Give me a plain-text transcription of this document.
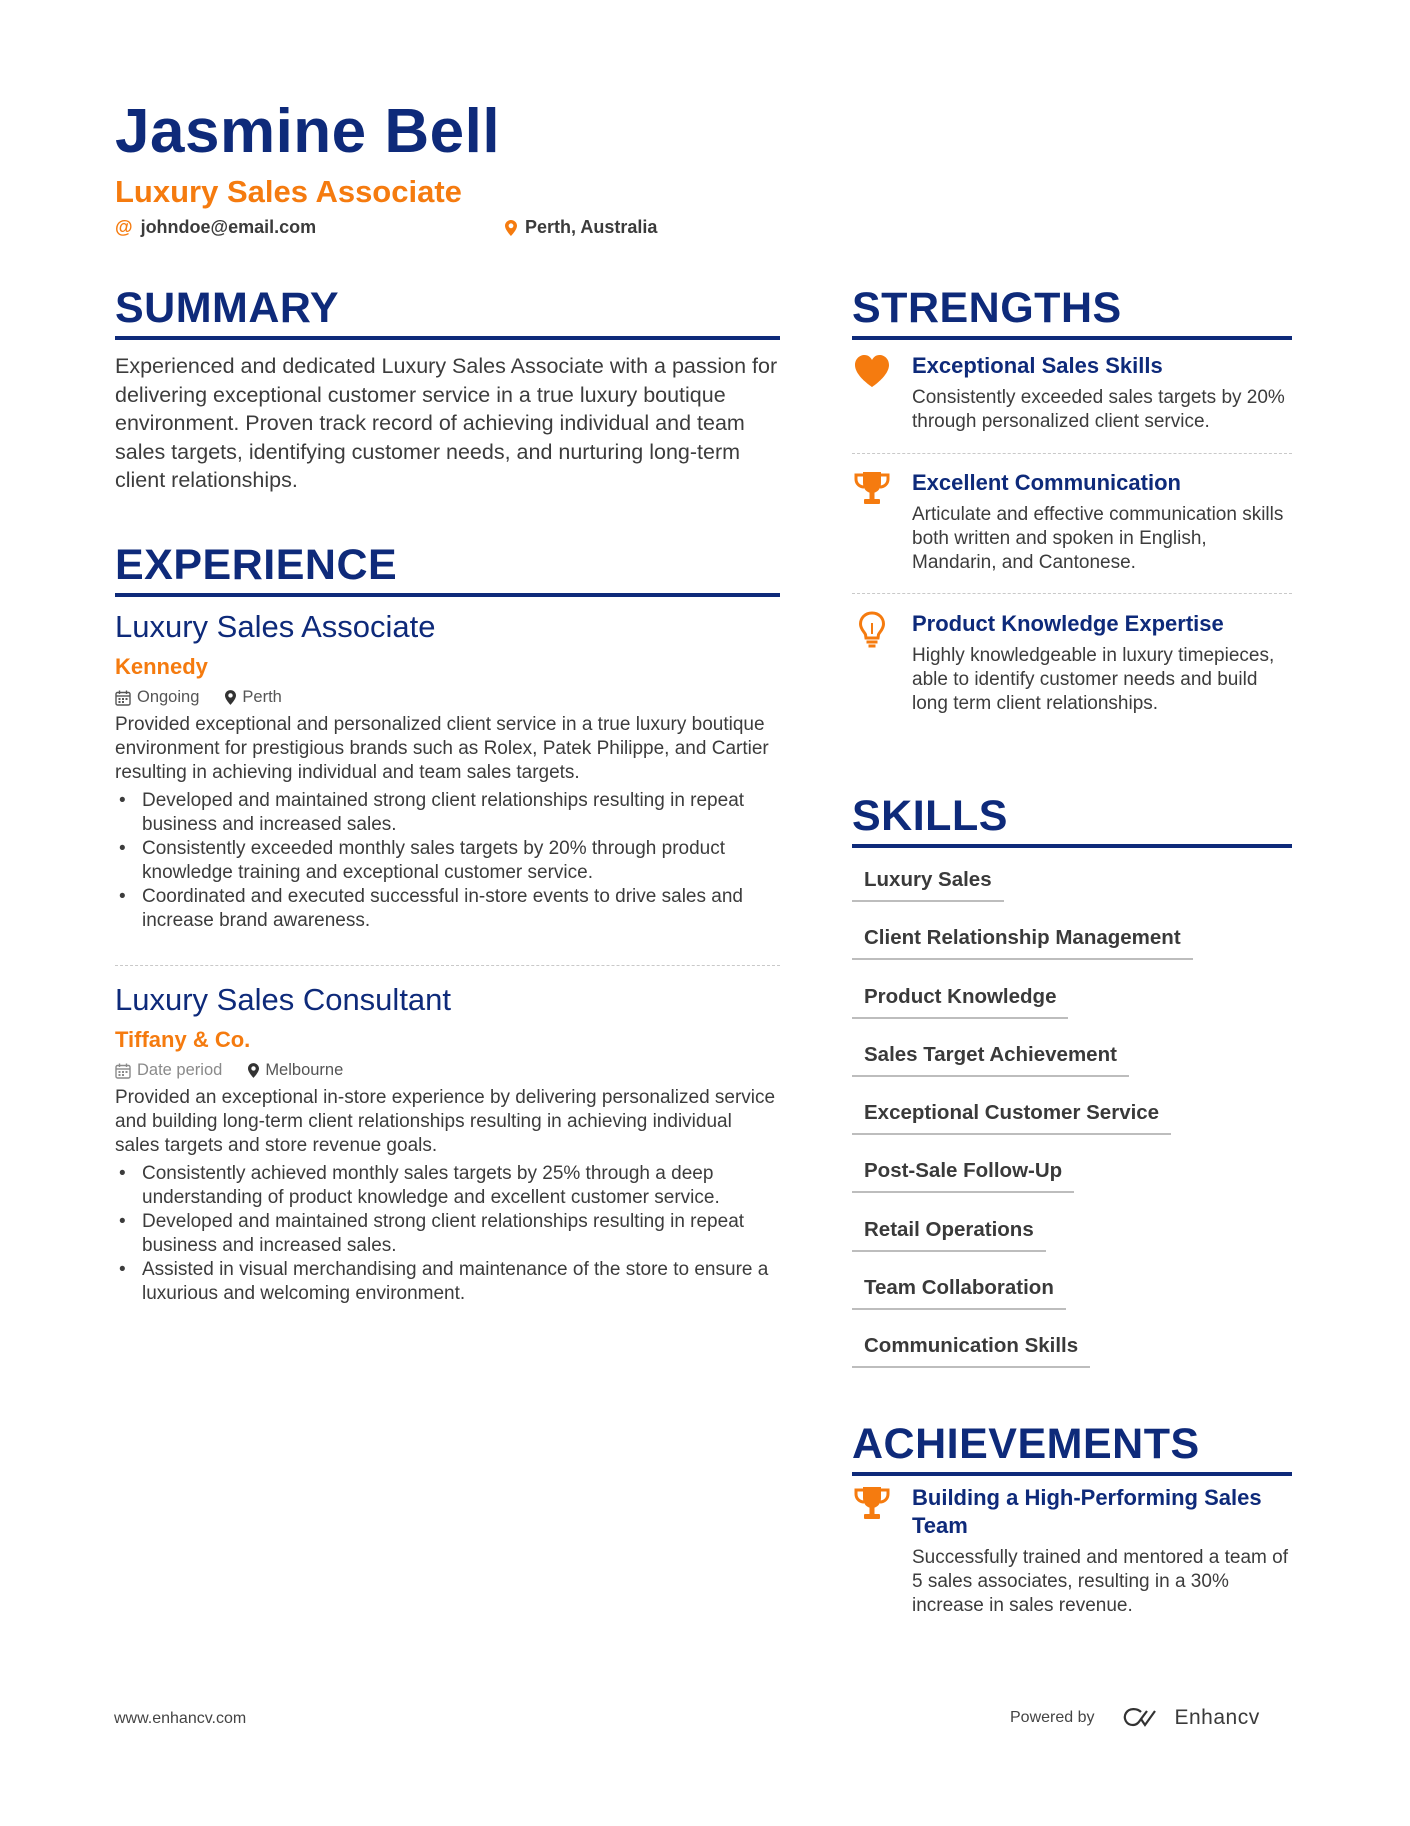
Jasmine Bell
Luxury Sales Associate
@ johndoe@email.com	Perth, Australia
SUMMARY

Experienced and dedicated Luxury Sales Associate with a passion for delivering exceptional customer service in a true luxury boutique environment. Proven track record of achieving individual and team sales targets, identifying customer needs, and nurturing long-term client relationships.

EXPERIENCE
Luxury Sales Associate
Kennedy
Ongoing	Perth

Provided exceptional and personalized client service in a true luxury boutique environment for prestigious brands such as Rolex, Patek Philippe, and Cartier resulting in achieving individual and team sales targets.

• Developed and maintained strong client relationships resulting in repeat business and increased sales.
• Consistently exceeded monthly sales targets by 20% through product knowledge training and exceptional customer service.
• Coordinated and executed successful in-store events to drive sales and increase brand awareness.
Luxury Sales Consultant
Tiffany & Co.
Date period	Melbourne

Provided an exceptional in-store experience by delivering personalized service and building long-term client relationships resulting in achieving individual sales targets and store revenue goals.

• Consistently achieved monthly sales targets by 25% through a deep understanding of product knowledge and excellent customer service.
• Developed and maintained strong client relationships resulting in repeat business and increased sales.
• Assisted in visual merchandising and maintenance of the store to ensure a luxurious and welcoming environment.
STRENGTHS
Exceptional Sales Skills
Consistently exceeded sales targets by 20% through personalized client service.
Excellent Communication
Articulate and effective communication skills both written and spoken in English, Mandarin, and Cantonese.
Product Knowledge Expertise
Highly knowledgeable in luxury timepieces, able to identify customer needs and build long term client relationships.
SKILLS
Luxury Sales
Client Relationship Management
Product Knowledge
Sales Target Achievement
Exceptional Customer Service
Post-Sale Follow-Up
Retail Operations
Team Collaboration
Communication Skills
ACHIEVEMENTS
Building a High-Performing Sales Team
Successfully trained and mentored a team of 5 sales associates, resulting in a 30% increase in sales revenue.
www.enhancv.com	Powered by	Enhancv
